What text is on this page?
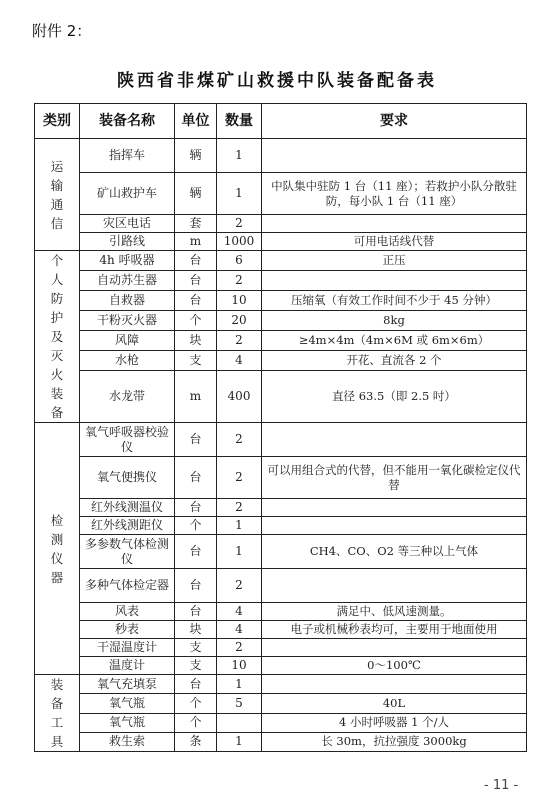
附件 2：
陕西省非煤矿山救援中队装备配备表
类别	装备名称	单位	数量	要求
运输通信	指挥车	辆	1	
	矿山救护车	辆	1	中队集中驻防 1 台（11 座）；若救护小队分散驻防，每小队 1 台（11 座）
	灾区电话	套	2	
	引路线	m	1000	可用电话线代替
个人防护及灭火装备	4h 呼吸器	台	6	正压
	自动苏生器	台	2	
	自救器	台	10	压缩氧（有效工作时间不少于 45 分钟）
	干粉灭火器	个	20	8kg
	风障	块	2	≥4m×4m（4m×6M 或 6m×6m）
	水枪	支	4	开花、直流各 2 个
	水龙带	m	400	直径 63.5（即 2.5 吋）
检测仪器	氧气呼吸器校验仪	台	2	
	氧气便携仪	台	2	可以用组合式的代替，但不能用一氧化碳检定仪代替
	红外线测温仪	台	2	
	红外线测距仪	个	1	
	多参数气体检测仪	台	1	CH4、CO、O2 等三种以上气体
	多种气体检定器	台	2	
	风表	台	4	满足中、低风速测量。
	秒表	块	4	电子或机械秒表均可，主要用于地面使用
	干湿温度计	支	2	
	温度计	支	10	0～100℃
装备工具	氧气充填泵	台	1	
	氧气瓶	个	5	40L
	氧气瓶	个		4 小时呼吸器 1 个/人
	救生索	条	1	长 30m，抗拉强度 3000kg
- 11 -
